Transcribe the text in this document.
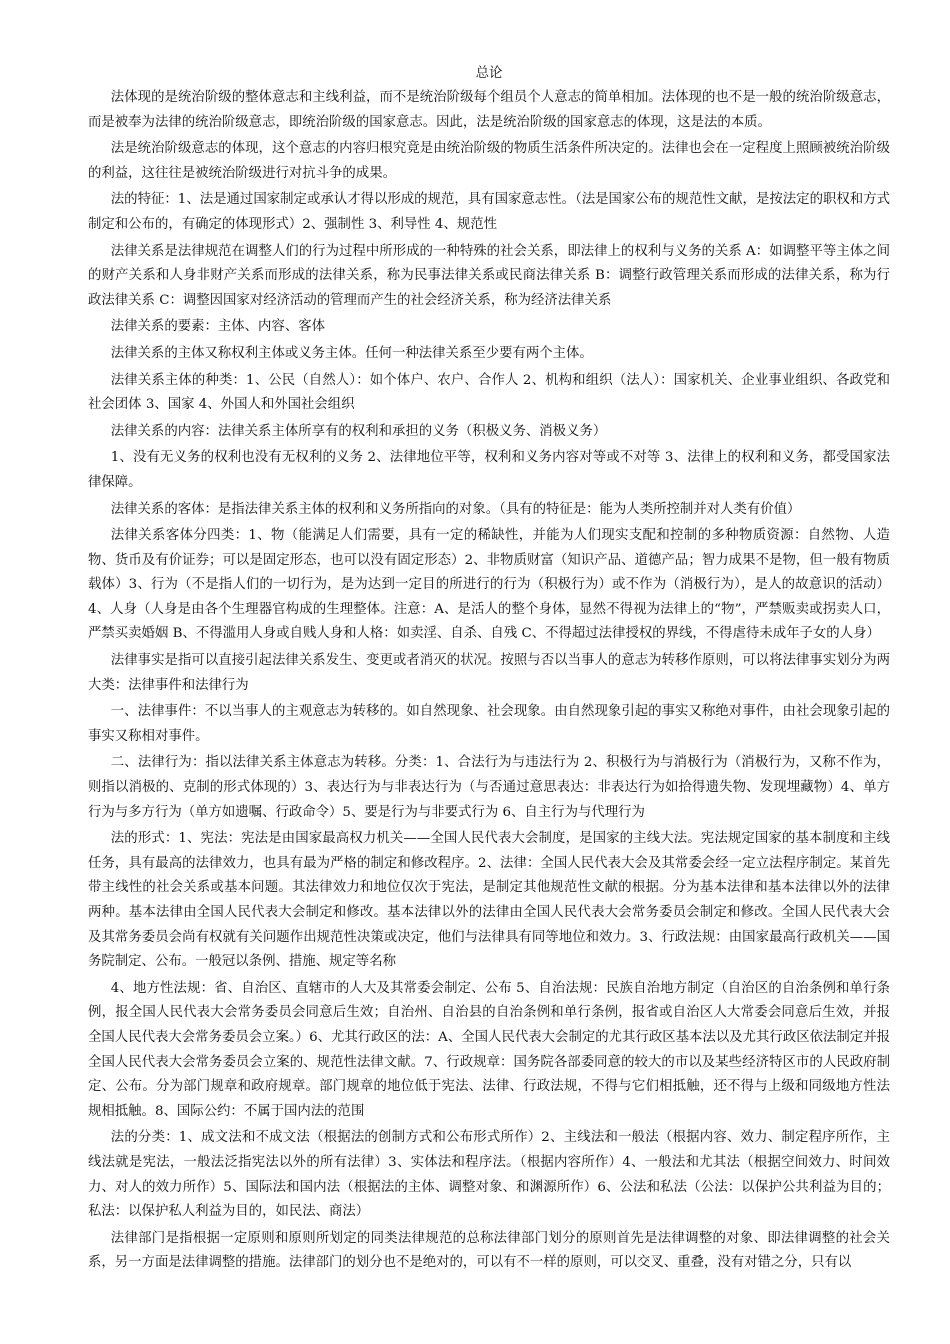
总论

法体现的是统治阶级的整体意志和主线利益，而不是统治阶级每个组员个人意志的简单相加。法体现的也不是一般的统治阶级意志，而是被奉为法律的统治阶级意志，即统治阶级的国家意志。因此，法是统治阶级的国家意志的体现，这是法的本质。

法是统治阶级意志的体现，这个意志的内容归根究竟是由统治阶级的物质生活条件所决定的。法律也会在一定程度上照顾被统治阶级的利益，这往往是被统治阶级进行对抗斗争的成果。

法的特征：1、法是通过国家制定或承认才得以形成的规范，具有国家意志性。（法是国家公布的规范性文献，是按法定的职权和方式制定和公布的，有确定的体现形式）2、强制性 3、利导性 4、规范性

法律关系是法律规范在调整人们的行为过程中所形成的一种特殊的社会关系，即法律上的权利与义务的关系 A：如调整平等主体之间的财产关系和人身非财产关系而形成的法律关系，称为民事法律关系或民商法律关系 B：调整行政管理关系而形成的法律关系，称为行政法律关系 C：调整因国家对经济活动的管理而产生的社会经济关系，称为经济法律关系

法律关系的要素：主体、内容、客体

法律关系的主体又称权利主体或义务主体。任何一种法律关系至少要有两个主体。

法律关系主体的种类：1、公民（自然人）：如个体户、农户、合作人 2、机构和组织（法人）：国家机关、企业事业组织、各政党和社会团体 3、国家 4、外国人和外国社会组织

法律关系的内容：法律关系主体所享有的权利和承担的义务（积极义务、消极义务）

1、没有无义务的权利也没有无权利的义务 2、法律地位平等，权利和义务内容对等或不对等 3、法律上的权利和义务，都受国家法律保障。

法律关系的客体：是指法律关系主体的权利和义务所指向的对象。（具有的特征是：能为人类所控制并对人类有价值）

法律关系客体分四类：1、物（能满足人们需要，具有一定的稀缺性，并能为人们现实支配和控制的多种物质资源：自然物、人造物、货币及有价证券；可以是固定形态，也可以没有固定形态）2、非物质财富（知识产品、道德产品；智力成果不是物，但一般有物质载体）3、行为（不是指人们的一切行为，是为达到一定目的所进行的行为（积极行为）或不作为（消极行为），是人的故意识的活动）4、人身（人身是由各个生理器官构成的生理整体。注意：A、是活人的整个身体，显然不得视为法律上的“物”，严禁贩卖或拐卖人口，严禁买卖婚姻 B、不得滥用人身或自贱人身和人格：如卖淫、自杀、自残 C、不得超过法律授权的界线，不得虐待未成年子女的人身）

法律事实是指可以直接引起法律关系发生、变更或者消灭的状况。按照与否以当事人的意志为转移作原则，可以将法律事实划分为两大类：法律事件和法律行为

一、法律事件：不以当事人的主观意志为转移的。如自然现象、社会现象。由自然现象引起的事实又称绝对事件，由社会现象引起的事实又称相对事件。

二、法律行为：指以法律关系主体意志为转移。分类：1、合法行为与违法行为 2、积极行为与消极行为（消极行为，又称不作为，则指以消极的、克制的形式体现的）3、表达行为与非表达行为（与否通过意思表达：非表达行为如拾得遗失物、发现埋藏物）4、单方行为与多方行为（单方如遗嘱、行政命令）5、要是行为与非要式行为 6、自主行为与代理行为

法的形式：1、宪法：宪法是由国家最高权力机关——全国人民代表大会制度，是国家的主线大法。宪法规定国家的基本制度和主线任务，具有最高的法律效力，也具有最为严格的制定和修改程序。2、法律：全国人民代表大会及其常委会经一定立法程序制定。某首先带主线性的社会关系或基本问题。其法律效力和地位仅次于宪法，是制定其他规范性文献的根据。分为基本法律和基本法律以外的法律两种。基本法律由全国人民代表大会制定和修改。基本法律以外的法律由全国人民代表大会常务委员会制定和修改。全国人民代表大会及其常务委员会尚有权就有关问题作出规范性决策或决定，他们与法律具有同等地位和效力。3、行政法规：由国家最高行政机关——国务院制定、公布。一般冠以条例、措施、规定等名称

4、地方性法规：省、自治区、直辖市的人大及其常委会制定、公布 5、自治法规：民族自治地方制定（自治区的自治条例和单行条例，报全国人民代表大会常务委员会同意后生效；自治州、自治县的自治条例和单行条例，报省或自治区人大常委会同意后生效，并报全国人民代表大会常务委员会立案。）6、尤其行政区的法：A、全国人民代表大会制定的尤其行政区基本法以及尤其行政区依法制定并报全国人民代表大会常务委员会立案的、规范性法律文献。7、行政规章：国务院各部委同意的较大的市以及某些经济特区市的人民政府制定、公布。分为部门规章和政府规章。部门规章的地位低于宪法、法律、行政法规，不得与它们相抵触，还不得与上级和同级地方性法规相抵触。8、国际公约：不属于国内法的范围

法的分类：1、成文法和不成文法（根据法的创制方式和公布形式所作）2、主线法和一般法（根据内容、效力、制定程序所作，主线法就是宪法，一般法泛指宪法以外的所有法律）3、实体法和程序法。（根据内容所作）4、一般法和尤其法（根据空间效力、时间效力、对人的效力所作）5、国际法和国内法（根据法的主体、调整对象、和渊源所作）6、公法和私法（公法：以保护公共利益为目的；私法：以保护私人利益为目的，如民法、商法）

法律部门是指根据一定原则和原则所划定的同类法律规范的总称法律部门划分的原则首先是法律调整的对象、即法律调整的社会关系，另一方面是法律调整的措施。法律部门的划分也不是绝对的，可以有不一样的原则，可以交叉、重叠，没有对错之分，只有以
